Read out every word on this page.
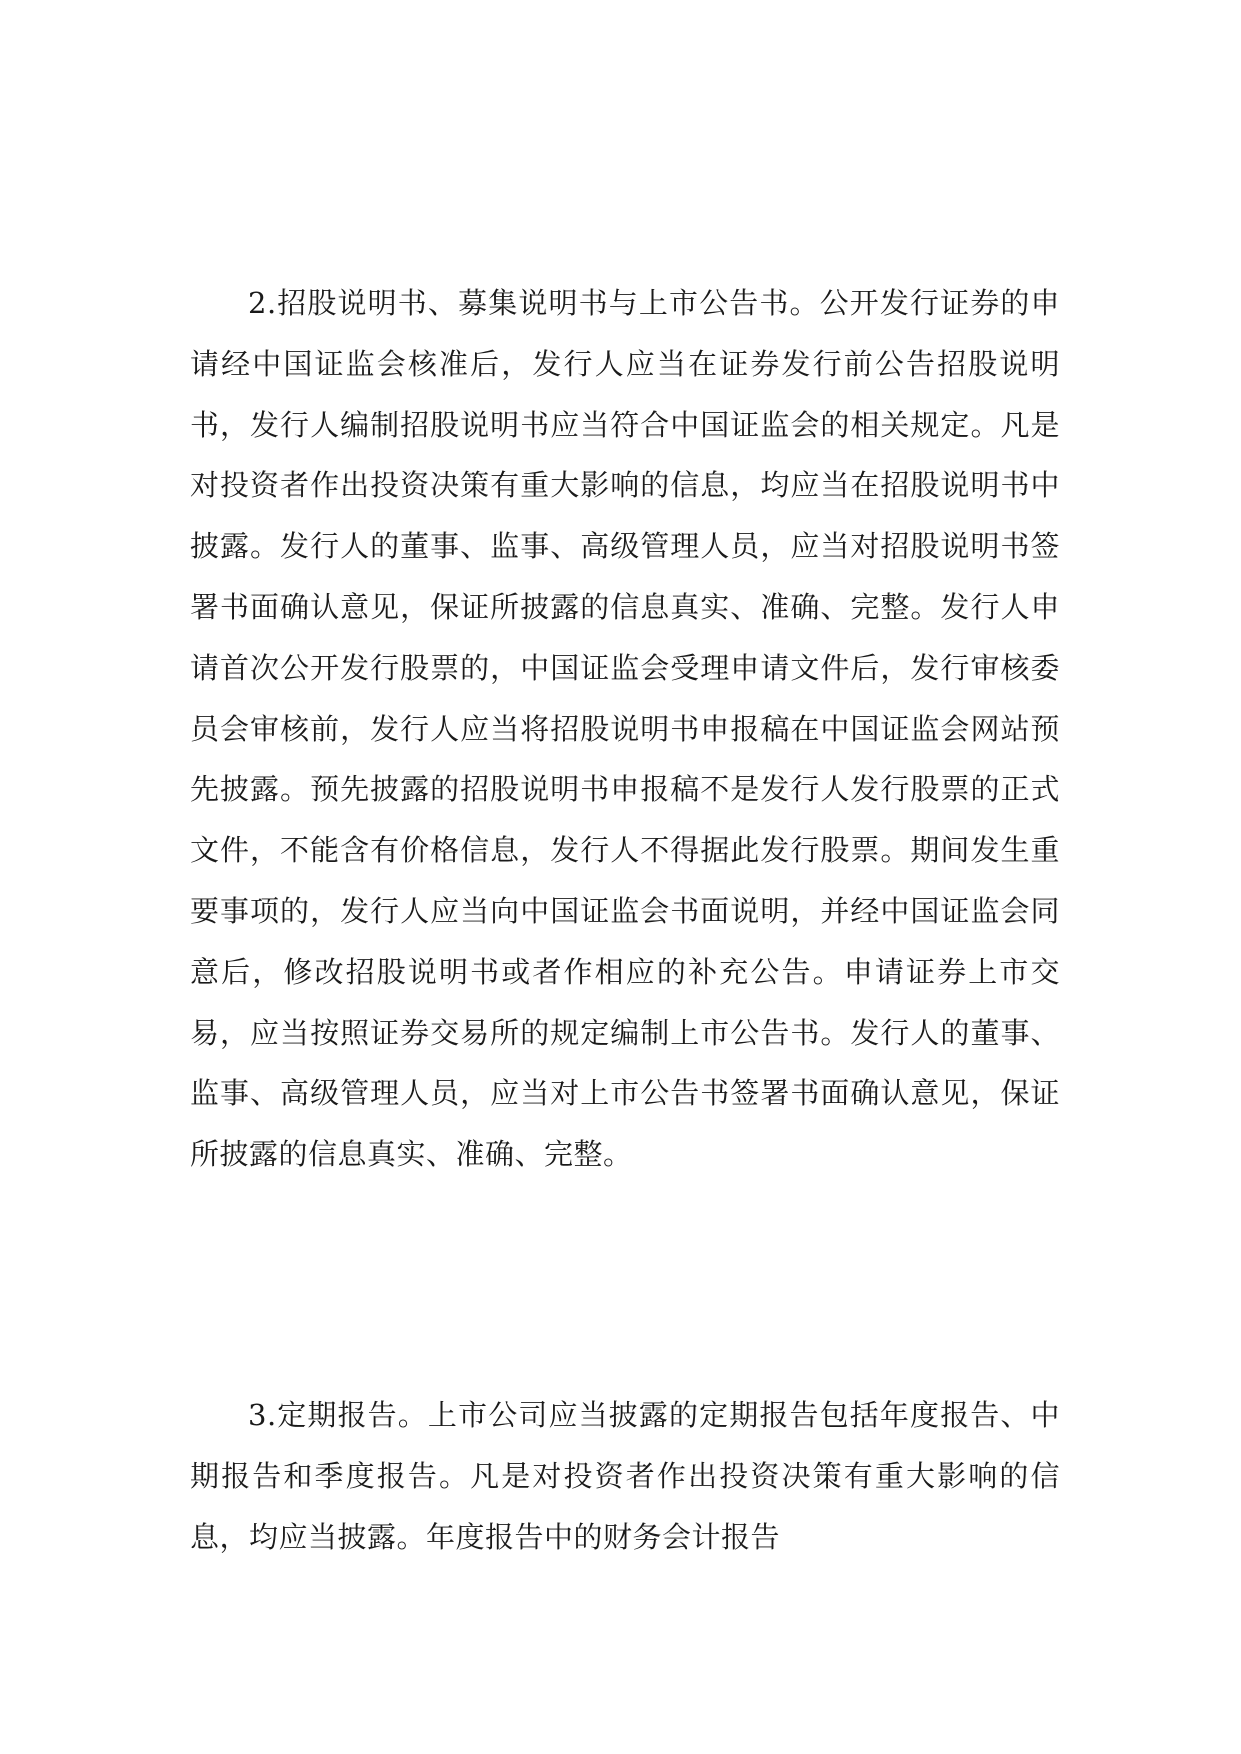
2.招股说明书、募集说明书与上市公告书。公开发行证券的申请经中国证监会核准后，发行人应当在证券发行前公告招股说明书，发行人编制招股说明书应当符合中国证监会的相关规定。凡是对投资者作出投资决策有重大影响的信息，均应当在招股说明书中披露。发行人的董事、监事、高级管理人员，应当对招股说明书签署书面确认意见，保证所披露的信息真实、准确、完整。发行人申请首次公开发行股票的，中国证监会受理申请文件后，发行审核委员会审核前，发行人应当将招股说明书申报稿在中国证监会网站预先披露。预先披露的招股说明书申报稿不是发行人发行股票的正式文件，不能含有价格信息，发行人不得据此发行股票。期间发生重要事项的，发行人应当向中国证监会书面说明，并经中国证监会同意后，修改招股说明书或者作相应的补充公告。申请证券上市交易，应当按照证券交易所的规定编制上市公告书。发行人的董事、监事、高级管理人员，应当对上市公告书签署书面确认意见，保证所披露的信息真实、准确、完整。

3.定期报告。上市公司应当披露的定期报告包括年度报告、中期报告和季度报告。凡是对投资者作出投资决策有重大影响的信息，均应当披露。年度报告中的财务会计报告
